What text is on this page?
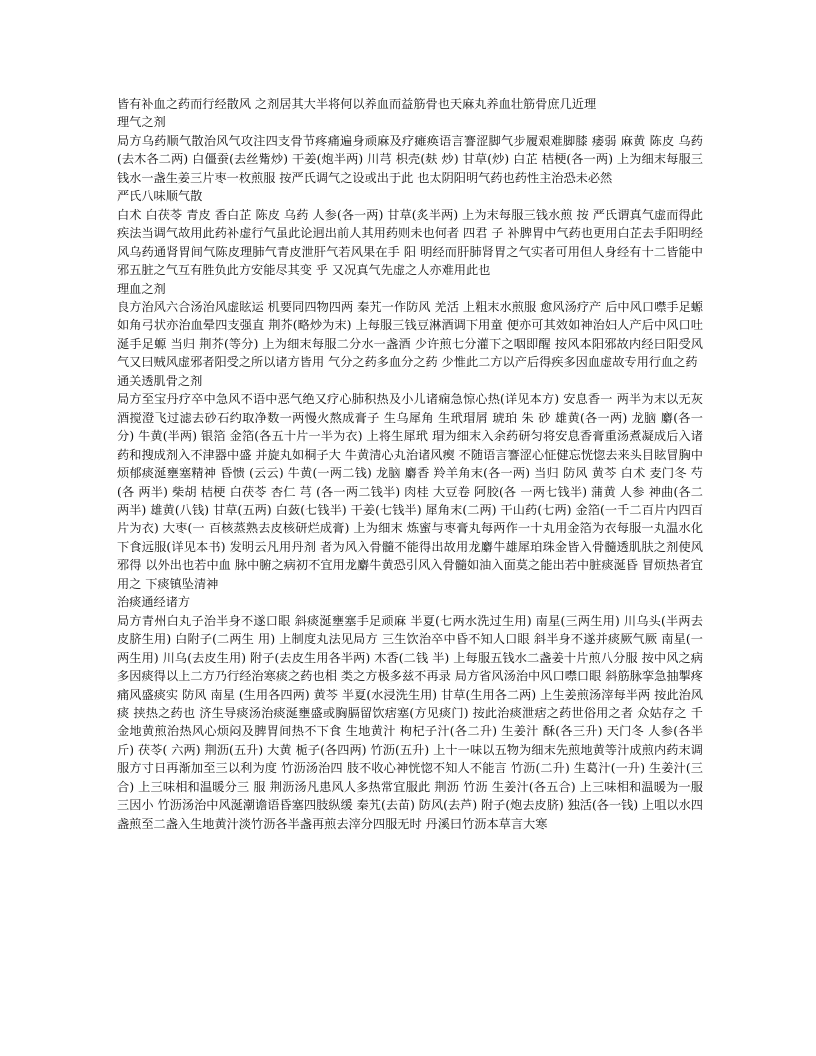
皆有补血之药而行经散风 之剂居其大半将何以养血而益筋骨也天麻丸养血壮筋骨庶几近理

理气之剂

局方乌药顺气散治风气攻注四支骨节疼痛遍身顽麻及疗瘫痪语言謇涩脚气步履艰难脚膝 痿弱 麻黄 陈皮 乌药(去木各二两) 白僵蚕(去丝觜炒) 干姜(炮半两) 川芎 枳壳(麸 炒) 甘草(炒) 白芷 桔梗(各一两) 上为细末每服三钱水一盏生姜三片枣一枚煎服 按严氏调气之设或出于此 也太阴阳明气药也药性主治恐未必然

严氏八味顺气散

白术 白茯苓 青皮 香白芷 陈皮 乌药 人参(各一两) 甘草(炙半两) 上为末每服三钱水煎 按 严氏谓真气虚而得此疾法当调气故用此药补虚行气虽此论迥出前人其用药则未也何者 四君 子 补脾胃中气药也更用白芷去手阳明经风乌药通肾胃间气陈皮理肺气青皮泄肝气若风果在手 阳 明经而肝肺肾胃之气实者可用但人身经有十二皆能中邪五脏之气互有胜负此方安能尽其变 乎 又况真气先虚之人亦难用此也

理血之剂

良方治风六合汤治风虚眩运 机要同四物四两 秦艽一作防风 羌活 上粗末水煎服 愈风汤疗产 后中风口噤手足螈 如角弓状亦治血晕四支强直 荆芥(略炒为末) 上每服三钱豆淋酒调下用童 便亦可其效如神治妇人产后中风口吐涎手足螈 当归 荆芥(等分) 上为细末每服二分水一盏酒 少许煎七分灌下之咽即醒 按风本阳邪故内经曰阳受风气又曰贼风虚邪者阳受之所以诸方皆用 气分之药多血分之药 少惟此二方以产后得疾多因血虚故专用行血之药

通关透肌骨之剂

局方至宝丹疗卒中急风不语中恶气绝又疗心肺积热及小儿诸痫急惊心热(详见本方) 安息香一 两半为末以无灰酒搅澄飞过滤去砂石约取净数一两慢火熬成膏子 生乌犀角 生玳瑁屑 琥珀 朱 砂 雄黄(各一两) 龙脑 麝(各一分) 牛黄(半两) 银箔 金箔(各五十片一半为衣) 上将生犀玳 瑁为细末入余药研匀将安息香膏重汤煮凝成后入诸药和搜成剂入不津器中盛 并旋丸如桐子大 牛黄清心丸治诸风瘈 不随语言謇涩心怔健忘恍惚去来头目眩冒胸中烦郁痰涎壅塞精神 昏愦 (云云) 牛黄(一两二钱) 龙脑 麝香 羚羊角末(各一两) 当归 防风 黄芩 白术 麦门冬 芍(各 两半) 柴胡 桔梗 白茯苓 杏仁 芎 (各一两二钱半) 肉桂 大豆卷 阿胶(各 一两七钱半) 蒲黄 人参 神曲(各二两半) 雄黄(八钱) 甘草(五两) 白蔹(七钱半) 干姜(七钱半) 犀角末(二两) 干山药(七两) 金箔(一千二百片内四百片为衣) 大枣(一 百核蒸熟去皮核研烂成膏) 上为细末 炼蜜与枣膏丸每两作一十丸用金箔为衣每服一丸温水化下食远服(详见本书) 发明云凡用丹剂 者为风入骨髓不能得出故用龙麝牛雄犀珀珠金皆入骨髓透肌肤之剂使风 邪得 以外出也若中血 脉中腑之病初不宜用龙麝牛黄恐引风入骨髓如油入面莫之能出若中脏痰涎昏 冒烦热者宜用之 下痰镇坠清神

治痰通经诸方

局方青州白丸子治半身不遂口眼 斜痰涎壅塞手足顽麻 半夏(七两水洗过生用) 南星(三两生用) 川乌头(半两去皮脐生用) 白附子(二两生 用) 上制度丸法见局方 三生饮治卒中昏不知人口眼 斜半身不遂并痰厥气厥 南星(一两生用) 川乌(去皮生用) 附子(去皮生用各半两) 木香(二钱 半) 上每服五钱水二盏姜十片煎八分服 按中风之病多因痰得以上二方乃行经治寒痰之药也相 类之方极多兹不再录 局方省风汤治中风口噤口眼 斜筋脉挛急抽掣疼痛风盛痰实 防风 南星 (生用各四两) 黄芩 半夏(水浸洗生用) 甘草(生用各二两) 上生姜煎汤滓每半两 按此治风痰 挟热之药也 济生导痰汤治痰涎壅盛或胸膈留饮痞塞(方见痰门) 按此治痰泄痞之药世俗用之者 众姑存之 千金地黄煎治热风心烦闷及脾胃间热不下食 生地黄汁 枸杞子汁(各二升) 生姜汁 酥(各三升) 天门冬 人参(各半斤) 茯苓( 六两) 荆沥(五升) 大黄 栀子(各四两) 竹沥(五升) 上十一味以五物为细末先煎地黄等汁成煎内药末调服方寸日再渐加至三以利为度 竹沥汤治四 肢不收心神恍惚不知人不能言 竹沥(二升) 生葛汁(一升) 生姜汁(三合) 上三味相和温暖分三 服 荆沥汤凡患风人多热常宜服此 荆沥 竹沥 生姜汁(各五合) 上三味相和温暖为一服 三因小 竹沥汤治中风涎潮谵语昏塞四肢纵缓 秦艽(去苗) 防风(去芦) 附子(炮去皮脐) 独活(各一钱) 上咀以水四盏煎至二盏入生地黄汁淡竹沥各半盏再煎去滓分四服无时 丹溪曰竹沥本草言大寒
